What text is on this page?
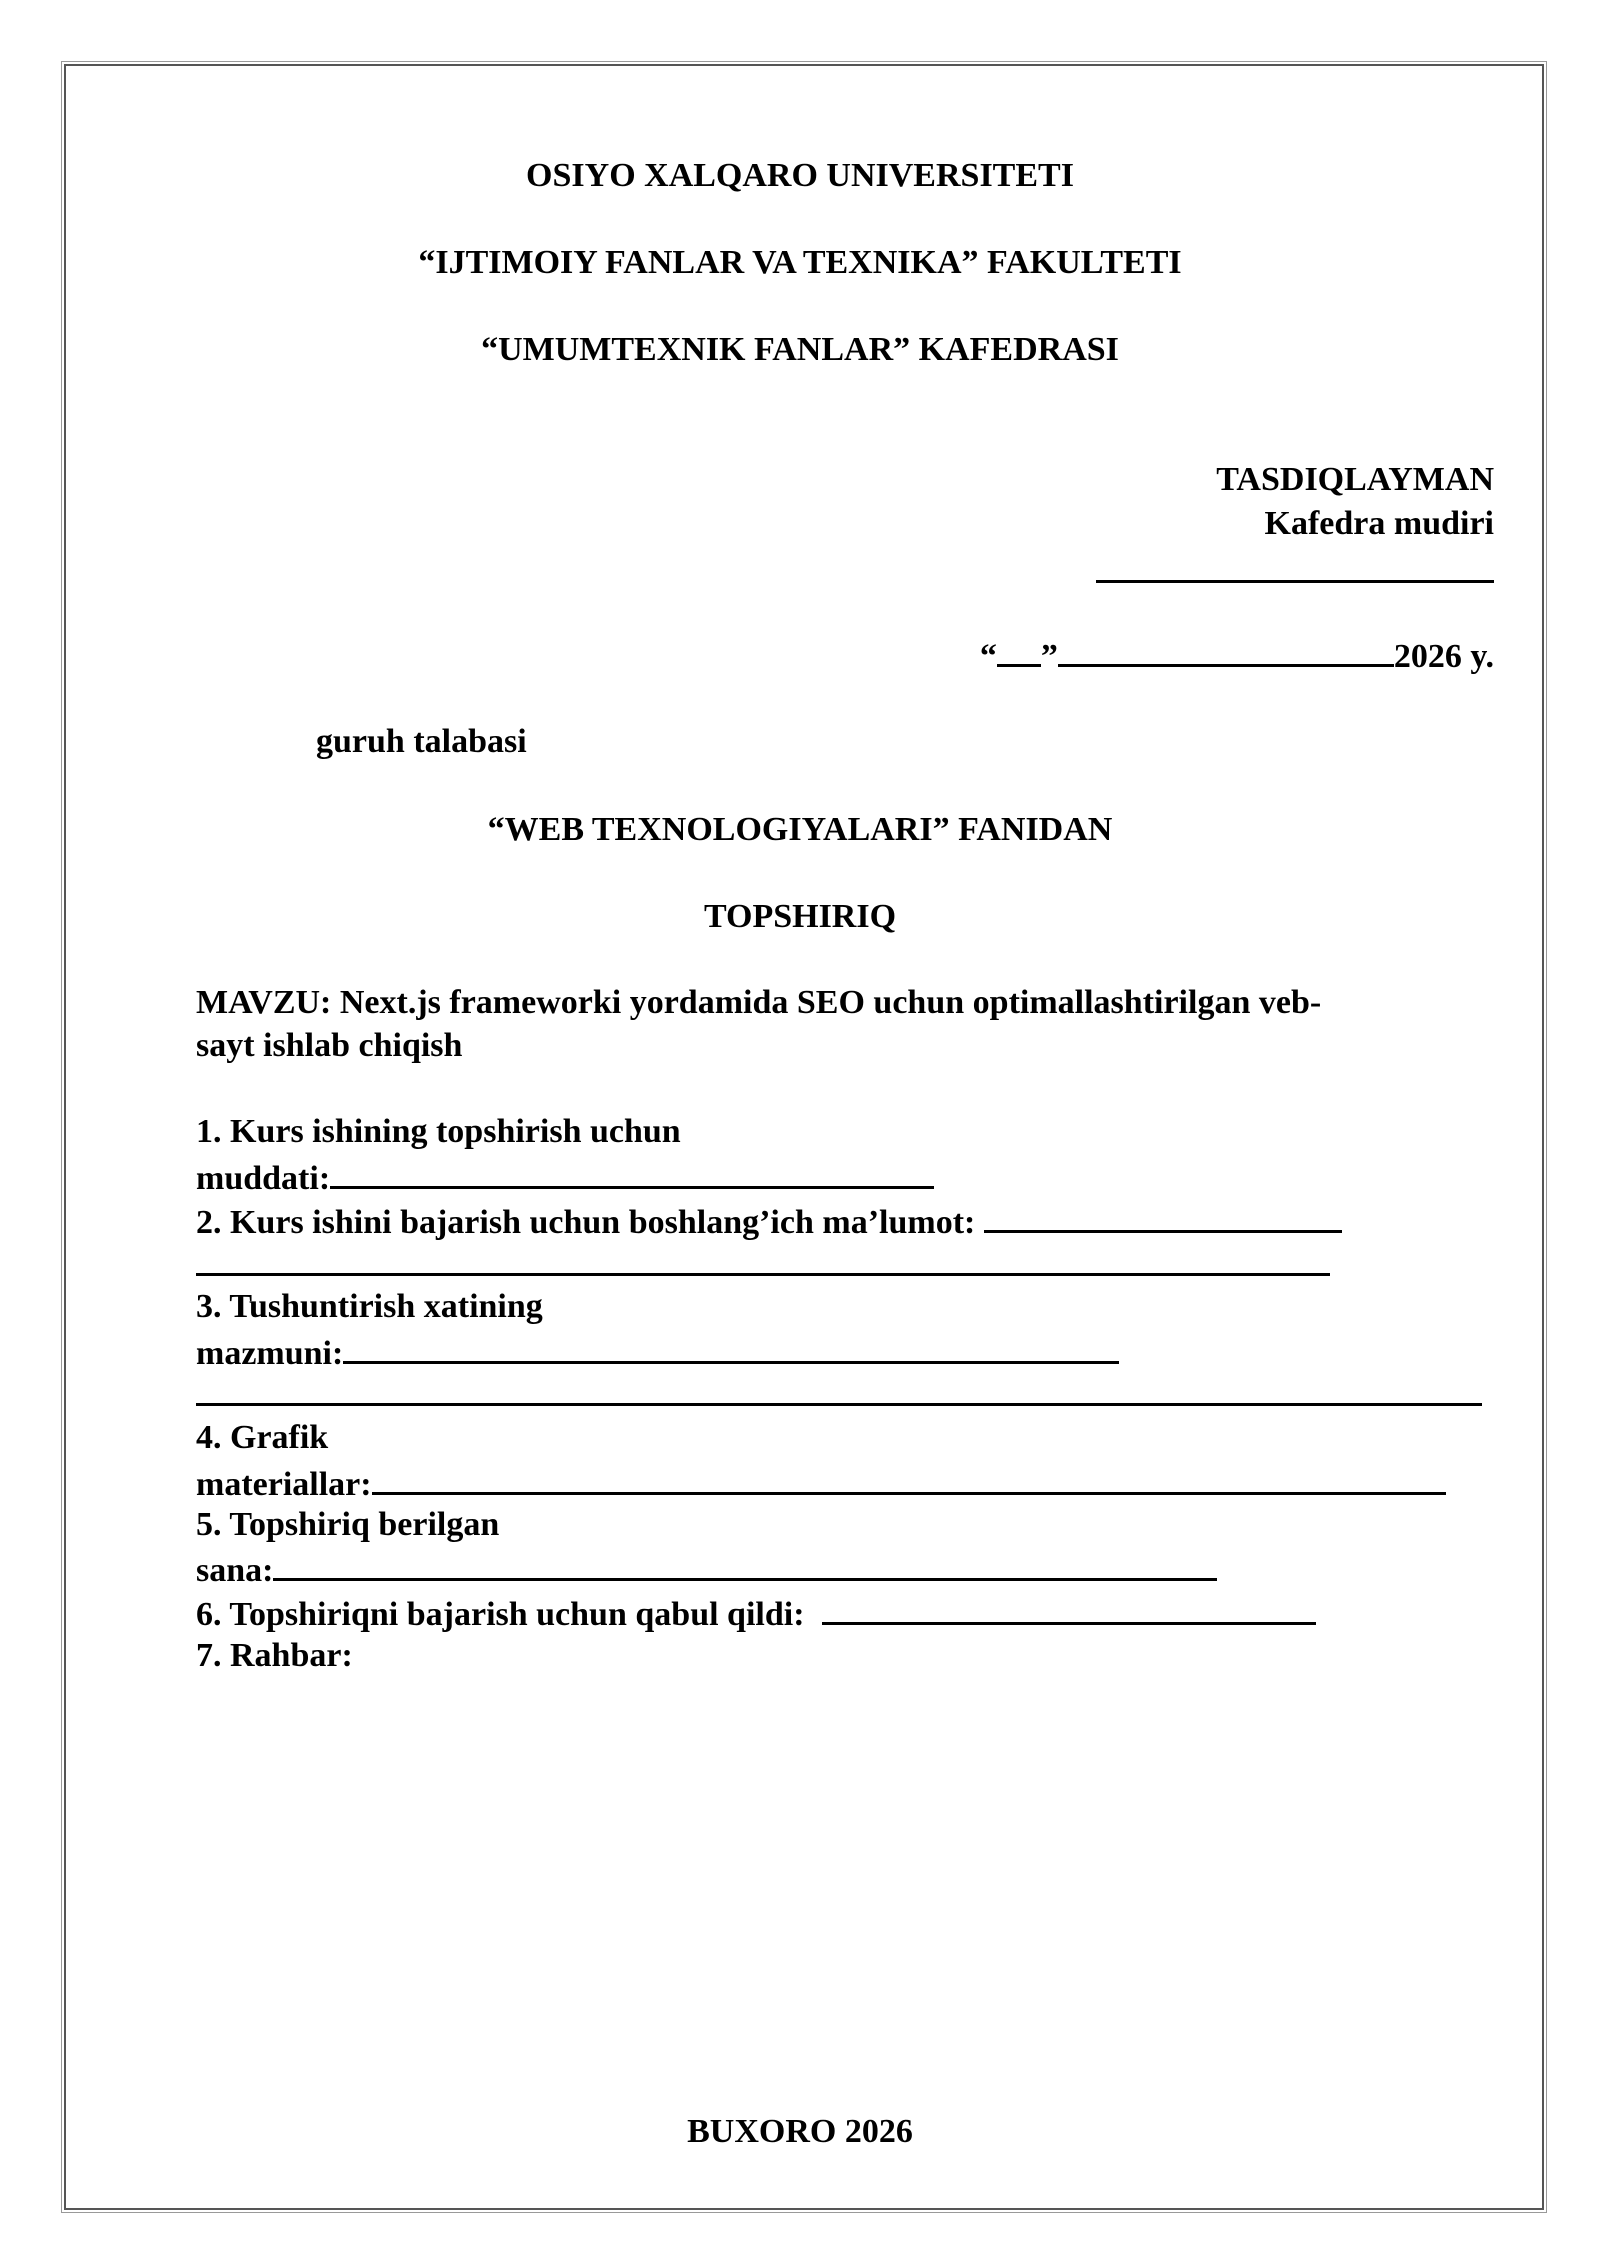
OSIYO XALQARO UNIVERSITETI

“IJTIMOIY FANLAR VA TEXNIKA” FAKULTETI

“UMUMTEXNIK FANLAR” KAFEDRASI

TASDIQLAYMAN

Kafedra mudiri

“ ”	2026 y.

guruh talabasi

“WEB TEXNOLOGIYALARI” FANIDAN

TOPSHIRIQ

MAVZU: Next.js frameworki yordamida SEO uchun optimallashtirilgan veb-

sayt ishlab chiqish

1. Kurs ishining topshirish uchun

muddati:

2. Kurs ishini bajarish uchun boshlang’ich ma’lumot:

3. Tushuntirish xatining

mazmuni:

4. Grafik

materiallar:

5. Topshiriq berilgan

sana:

6. Topshiriqni bajarish uchun qabul qildi:

7. Rahbar:

BUXORO 2026
